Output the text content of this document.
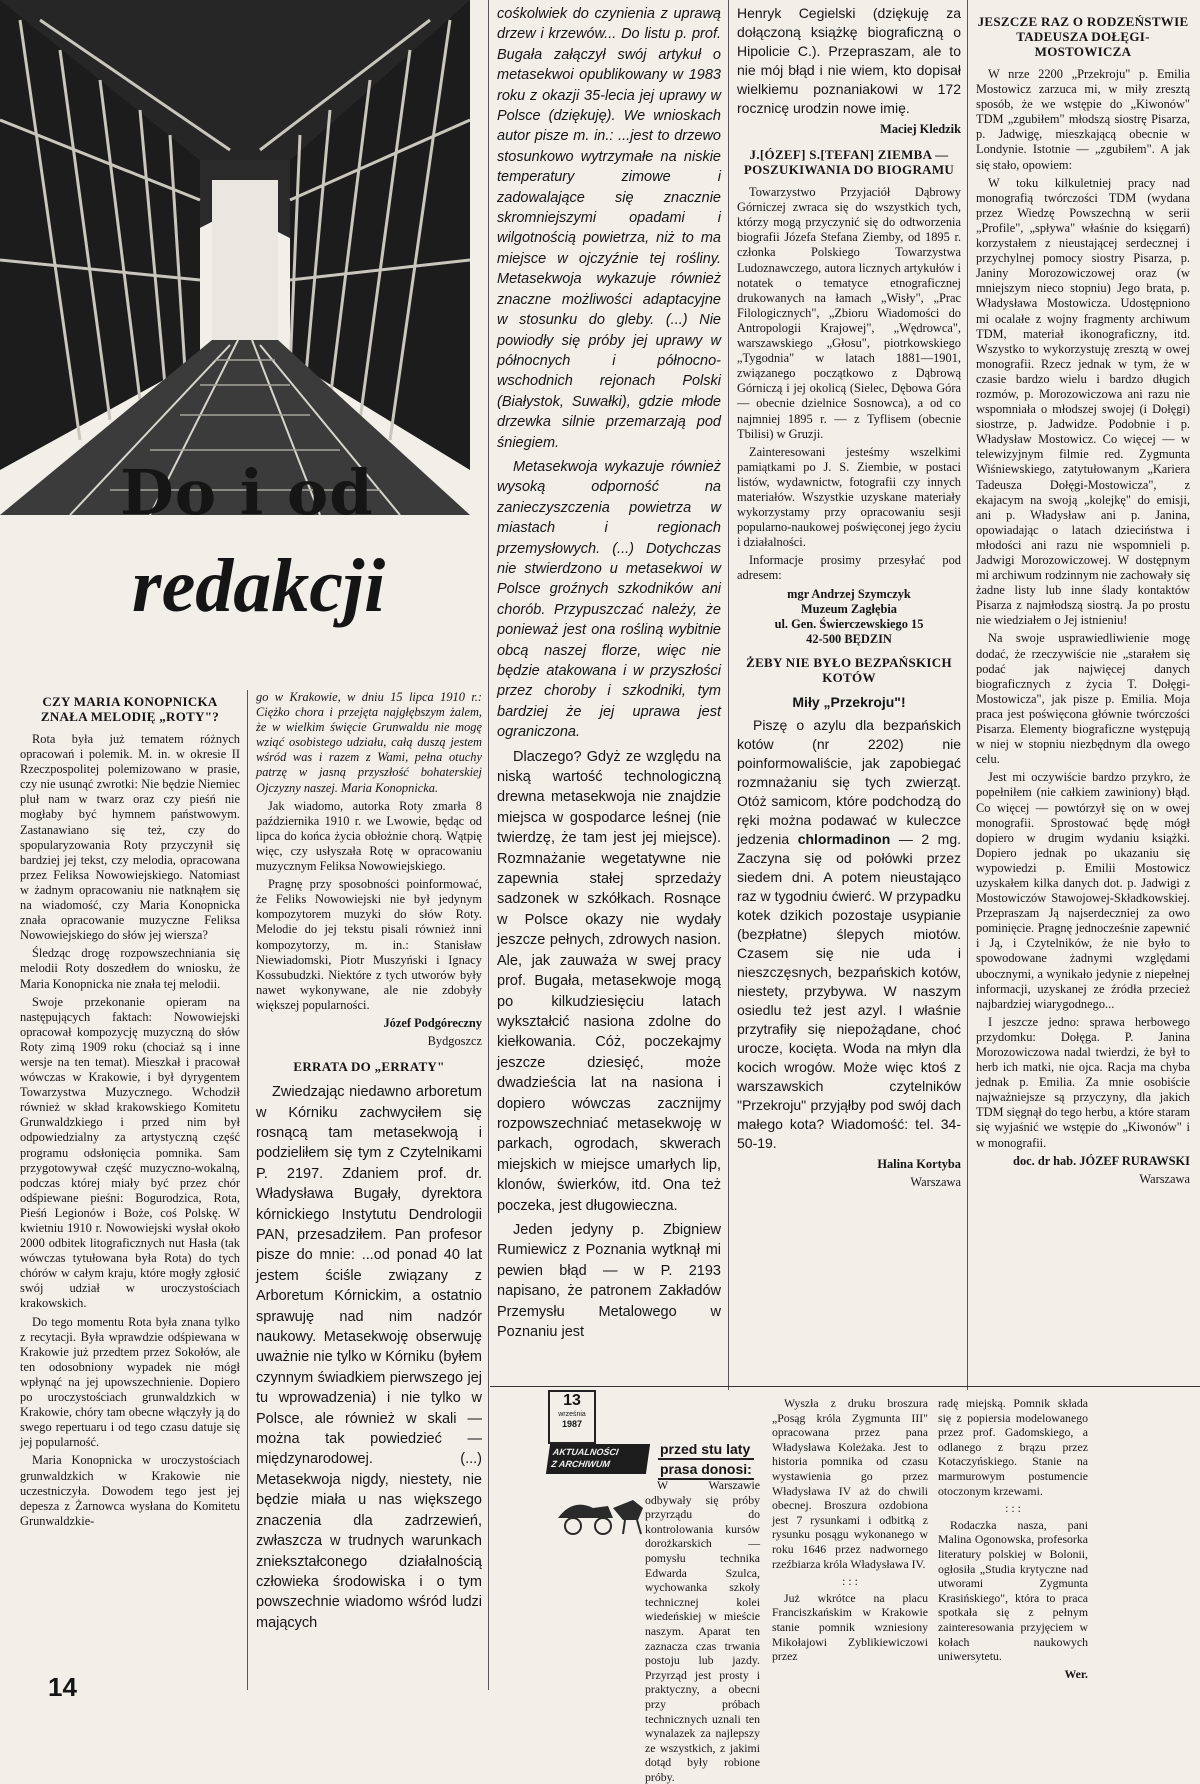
Do i od
redakcji
CZY MARIA KONOPNICKA ZNAŁA MELODIĘ „ROTY"?

Rota była już tematem różnych opracowań i polemik. M. in. w okresie II Rzeczpospolitej polemizowano w prasie, czy nie usunąć zwrotki: Nie będzie Niemiec pluł nam w twarz oraz czy pieśń nie mogłaby być hymnem państwowym. Zastanawiano się też, czy do spopularyzowania Roty przyczynił się bardziej jej tekst, czy melodia, opracowana przez Feliksa Nowowiejskiego. Natomiast w żadnym opracowaniu nie natknąłem się na wiadomość, czy Maria Konopnicka znała opracowanie muzyczne Feliksa Nowowiejskiego do słów jej wiersza?

Śledząc drogę rozpowszechniania się melodii Roty doszedłem do wniosku, że Maria Konopnicka nie znała tej melodii.

Swoje przekonanie opieram na następujących faktach: Nowowiejski opracował kompozycję muzyczną do słów Roty zimą 1909 roku (chociaż są i inne wersje na ten temat). Mieszkał i pracował wówczas w Krakowie, i był dyrygentem Towarzystwa Muzycznego. Wchodził również w skład krakowskiego Komitetu Grunwaldzkiego i przed nim był odpowiedzialny za artystyczną część programu odsłonięcia pomnika. Sam przygotowywał część muzyczno-wokalną, podczas której miały być przez chór odśpiewane pieśni: Bogurodzica, Rota, Pieśń Legionów i Boże, coś Polskę. W kwietniu 1910 r. Nowowiejski wysłał około 2000 odbitek litograficznych nut Hasła (tak wówczas tytułowana była Rota) do tych chórów w całym kraju, które mogły zgłosić swój udział w uroczystościach krakowskich.

Do tego momentu Rota była znana tylko z recytacji. Była wprawdzie odśpiewana w Krakowie już przedtem przez Sokołów, ale ten odosobniony wypadek nie mógł wpłynąć na jej upowszechnienie. Dopiero po uroczystościach grunwaldzkich w Krakowie, chóry tam obecne włączyły ją do swego repertuaru i od tego czasu datuje się jej popularność.

Maria Konopnicka w uroczystościach grunwaldzkich w Krakowie nie uczestniczyła. Dowodem tego jest jej depesza z Żarnowca wysłana do Komitetu Grunwaldzkie-

go w Krakowie, w dniu 15 lipca 1910 r.: Ciężko chora i przejęta najgłębszym żalem, że w wielkim święcie Grunwaldu nie mogę wziąć osobistego udziału, całą duszą jestem wśród was i razem z Wami, pełna otuchy patrzę w jasną przyszłość bohaterskiej Ojczyzny naszej. Maria Konopnicka.

Jak wiadomo, autorka Roty zmarła 8 października 1910 r. we Lwowie, będąc od lipca do końca życia obłożnie chorą. Wątpię więc, czy usłyszała Rotę w opracowaniu muzycznym Feliksa Nowowiejskiego.

Pragnę przy sposobności poinformować, że Feliks Nowowiejski nie był jedynym kompozytorem muzyki do słów Roty. Melodie do jej tekstu pisali również inni kompozytorzy, m. in.: Stanisław Niewiadomski, Piotr Muszyński i Ignacy Kossubudzki. Niektóre z tych utworów były nawet wykonywane, ale nie zdobyły większej popularności.

Józef Podgóreczny

Bydgoszcz

ERRATA DO „ERRATY"

Zwiedzając niedawno arboretum w Kórniku zachwyciłem się rosnącą tam metasekwoją i podzieliłem się tym z Czytelnikami P. 2197. Zdaniem prof. dr. Władysława Bugały, dyrektora kórnickiego Instytutu Dendrologii PAN, przesadziłem. Pan profesor pisze do mnie: ...od ponad 40 lat jestem ściśle związany z Arboretum Kórnickim, a ostatnio sprawuję nad nim nadzór naukowy. Metasekwoję obserwuję uważnie nie tylko w Kórniku (byłem czynnym świadkiem pierwszego jej tu wprowadzenia) i nie tylko w Polsce, ale również w skali — można tak powiedzieć — międzynarodowej. (...) Metasekwoja nigdy, niestety, nie będzie miała u nas większego znaczenia dla zadrzewień, zwłaszcza w trudnych warunkach zniekształconego działalnością człowieka środowiska i o tym powszechnie wiadomo wśród ludzi mających

cośkolwiek do czynienia z uprawą drzew i krzewów... Do listu p. prof. Bugała załączył swój artykuł o metasekwoi opublikowany w 1983 roku z okazji 35-lecia jej uprawy w Polsce (dziękuję). We wnioskach autor pisze m. in.: ...jest to drzewo stosunkowo wytrzymałe na niskie temperatury zimowe i zadowalające się znacznie skromniejszymi opadami i wilgotnością powietrza, niż to ma miejsce w ojczyźnie tej rośliny. Metasekwoja wykazuje również znaczne możliwości adaptacyjne w stosunku do gleby. (...) Nie powiodły się próby jej uprawy w północnych i północno-wschodnich rejonach Polski (Białystok, Suwałki), gdzie młode drzewka silnie przemarzają pod śniegiem.

Metasekwoja wykazuje również wysoką odporność na zanieczyszczenia powietrza w miastach i regionach przemysłowych. (...) Dotychczas nie stwierdzono u metasekwoi w Polsce groźnych szkodników ani chorób. Przypuszczać należy, że ponieważ jest ona rośliną wybitnie obcą naszej florze, więc nie będzie atakowana i w przyszłości przez choroby i szkodniki, tym bardziej że jej uprawa jest ograniczona.

Dlaczego? Gdyż ze względu na niską wartość technologiczną drewna metasekwoja nie znajdzie miejsca w gospodarce leśnej (nie twierdzę, że tam jest jej miejsce). Rozmnażanie wegetatywne nie zapewnia stałej sprzedaży sadzonek w szkółkach. Rosnące w Polsce okazy nie wydały jeszcze pełnych, zdrowych nasion. Ale, jak zauważa w swej pracy prof. Bugała, metasekwoje mogą po kilkudziesięciu latach wykształcić nasiona zdolne do kiełkowania. Cóż, poczekajmy jeszcze dziesięć, może dwadzieścia lat na nasiona i dopiero wówczas zacznijmy rozpowszechniać metasekwoję w parkach, ogrodach, skwerach miejskich w miejsce umarłych lip, klonów, świerków, itd. Ona też poczeka, jest długowieczna.

Jeden jedyny p. Zbigniew Rumiewicz z Poznania wytknął mi pewien błąd — w P. 2193 napisano, że patronem Zakładów Przemysłu Metalowego w Poznaniu jest

Henryk Cegielski (dziękuję za dołączoną książkę biograficzną o Hipolicie C.). Przepraszam, ale to nie mój błąd i nie wiem, kto dopisał wielkiemu poznaniakowi w 172 rocznicę urodzin nowe imię.

Maciej Kledzik

J.[ÓZEF] S.[TEFAN] ZIEMBA — POSZUKIWANIA DO BIOGRAMU

Towarzystwo Przyjaciół Dąbrowy Górniczej zwraca się do wszystkich tych, którzy mogą przyczynić się do odtworzenia biografii Józefa Stefana Ziemby, od 1895 r. członka Polskiego Towarzystwa Ludoznawczego, autora licznych artykułów i notatek o tematyce etnograficznej drukowanych na łamach „Wisły", „Prac Filologicznych", „Zbioru Wiadomości do Antropologii Krajowej", „Wędrowca", warszawskiego „Głosu", piotrkowskiego „Tygodnia" w latach 1881—1901, związanego początkowo z Dąbrową Górniczą i jej okolicą (Sielec, Dębowa Góra — obecnie dzielnice Sosnowca), a od co najmniej 1895 r. — z Tyflisem (obecnie Tbilisi) w Gruzji.

Zainteresowani jesteśmy wszelkimi pamiątkami po J. S. Ziembie, w postaci listów, wydawnictw, fotografii czy innych materiałów. Wszystkie uzyskane materiały wykorzystamy przy opracowaniu sesji popularno-naukowej poświęconej jego życiu i działalności.

Informacje prosimy przesyłać pod adresem:

mgr Andrzej Szymczyk

Muzeum Zagłębia

ul. Gen. Świerczewskiego 15

42-500 BĘDZIN

ŻEBY NIE BYŁO BEZPAŃSKICH KOTÓW

Miły „Przekroju"!

Piszę o azylu dla bezpańskich kotów (nr 2202) nie poinformowaliście, jak zapobiegać rozmnażaniu się tych zwierząt. Otóż samicom, które podchodzą do ręki można podawać w kuleczce jedzenia chlormadinon — 2 mg. Zaczyna się od połówki przez siedem dni. A potem nieustająco raz w tygodniu ćwierć. W przypadku kotek dzikich pozostaje usypianie (bezpłatne) ślepych miotów. Czasem się nie uda i nieszczęsnych, bezpańskich kotów, niestety, przybywa. W naszym osiedlu też jest azyl. I właśnie przytrafiły się niepożądane, choć urocze, kocięta. Woda na młyn dla kocich wrogów. Może więc ktoś z warszawskich czytelników "Przekroju" przyjąłby pod swój dach małego kota? Wiadomość: tel. 34-50-19.

Halina Kortyba

Warszawa

JESZCZE RAZ O RODZEŃSTWIE TADEUSZA DOŁĘGI-MOSTOWICZA

W nrze 2200 „Przekroju" p. Emilia Mostowicz zarzuca mi, w miły zresztą sposób, że we wstępie do „Kiwonów" TDM „zgubiłem" młodszą siostrę Pisarza, p. Jadwigę, mieszkającą obecnie w Londynie. Istotnie — „zgubiłem". A jak się stało, opowiem:

W toku kilkuletniej pracy nad monografią twórczości TDM (wydana przez Wiedzę Powszechną w serii „Profile", „spływa" właśnie do księgarń) korzystałem z nieustającej serdecznej i przychylnej pomocy siostry Pisarza, p. Janiny Morozowiczowej oraz (w mniejszym nieco stopniu) Jego brata, p. Władysława Mostowicza. Udostępniono mi ocalałe z wojny fragmenty archiwum TDM, materiał ikonograficzny, itd. Wszystko to wykorzystuję zresztą w owej monografii. Rzecz jednak w tym, że w czasie bardzo wielu i bardzo długich rozmów, p. Morozowiczowa ani razu nie wspomniała o młodszej swojej (i Dołęgi) siostrze, p. Jadwidze. Podobnie i p. Władysław Mostowicz. Co więcej — w telewizyjnym filmie red. Zygmunta Wiśniewskiego, zatytułowanym „Kariera Tadeusza Dołęgi-Mostowicza", z ekajacym na swoją „kolejkę" do emisji, ani p. Władysław ani p. Janina, opowiadając o latach dzieciństwa i młodości ani razu nie wspomnieli p. Jadwigi Morozowiczowej. W dostępnym mi archiwum rodzinnym nie zachowały się żadne listy lub inne ślady kontaktów Pisarza z najmłodszą siostrą. Ja po prostu nie wiedziałem o Jej istnieniu!

Na swoje usprawiedliwienie mogę dodać, że rzeczywiście nie „starałem się podać jak najwięcej danych biograficznych z życia T. Dołęgi-Mostowicza", jak pisze p. Emilia. Moja praca jest poświęcona głównie twórczości Pisarza. Elementy biograficzne występują w niej w stopniu niezbędnym dla owego celu.

Jest mi oczywiście bardzo przykro, że popełniłem (nie całkiem zawiniony) błąd. Co więcej — powtórzył się on w owej monografii. Sprostować będę mógł dopiero w drugim wydaniu książki. Dopiero jednak po ukazaniu się wypowiedzi p. Emilii Mostowicz uzyskałem kilka danych dot. p. Jadwigi z Mostowiczów Stawojowej-Składkowskiej. Przepraszam Ją najserdeczniej za owo pominięcie. Pragnę jednocześnie zapewnić i Ją, i Czytelników, że nie było to spowodowane żadnymi względami ubocznymi, a wynikało jedynie z niepełnej informacji, uzyskanej ze źródła przecież najbardziej wiarygodnego...

I jeszcze jedno: sprawa herbowego przydomku: Dołęga. P. Janina Morozowiczowa nadal twierdzi, że był to herb ich matki, nie ojca. Racja ma chyba jednak p. Emilia. Za mnie osobiście najważniejsze są przyczyny, dla jakich TDM sięgnął do tego herbu, a które staram się wyjaśnić we wstępie do „Kiwonów" i w monografii.

doc. dr hab. JÓZEF RURAWSKI

Warszawa

13
września
1987
AKTUALNOŚCI
Z ARCHIWUM
przed stu laty
prasa donosi:

W Warszawie odbywały się próby przyrządu do kontrolowania kursów dorożkarskich — pomysłu technika Edwarda Szulca, wychowanka szkoły technicznej kolei wiedeńskiej w mieście naszym. Aparat ten zaznacza czas trwania postoju lub jazdy. Przyrząd jest prosty i praktyczny, a obecni przy próbach technicznych uznali ten wynalazek za najlepszy ze wszystkich, z jakimi dotąd były robione próby.

Wyszła z druku broszura „Posąg króla Zygmunta III" opracowana przez pana Władysława Koleżaka. Jest to historia pomnika od czasu wystawienia go przez Władysława IV aż do chwili obecnej. Broszura ozdobiona jest 7 rysunkami i odbitką z rysunku posągu wykonanego w roku 1646 przez nadwornego rzeźbiarza króla Władysława IV.

: : :

Już wkrótce na placu Franciszkańskim w Krakowie stanie pomnik wzniesiony Mikołajowi Zyblikiewiczowi przez

radę miejską. Pomnik składa się z popiersia modelowanego przez prof. Gadomskiego, a odlanego z brązu przez Kotaczyńskiego. Stanie na marmurowym postumencie otoczonym krzewami.

: : :

Rodaczka nasza, pani Malina Ogonowska, profesorka literatury polskiej w Bolonii, ogłosiła „Studia krytyczne nad utworami Zygmunta Krasińskiego", która to praca spotkała się z pełnym zainteresowania przyjęciem w kołach naukowych uniwersytetu.

Wer.

14
